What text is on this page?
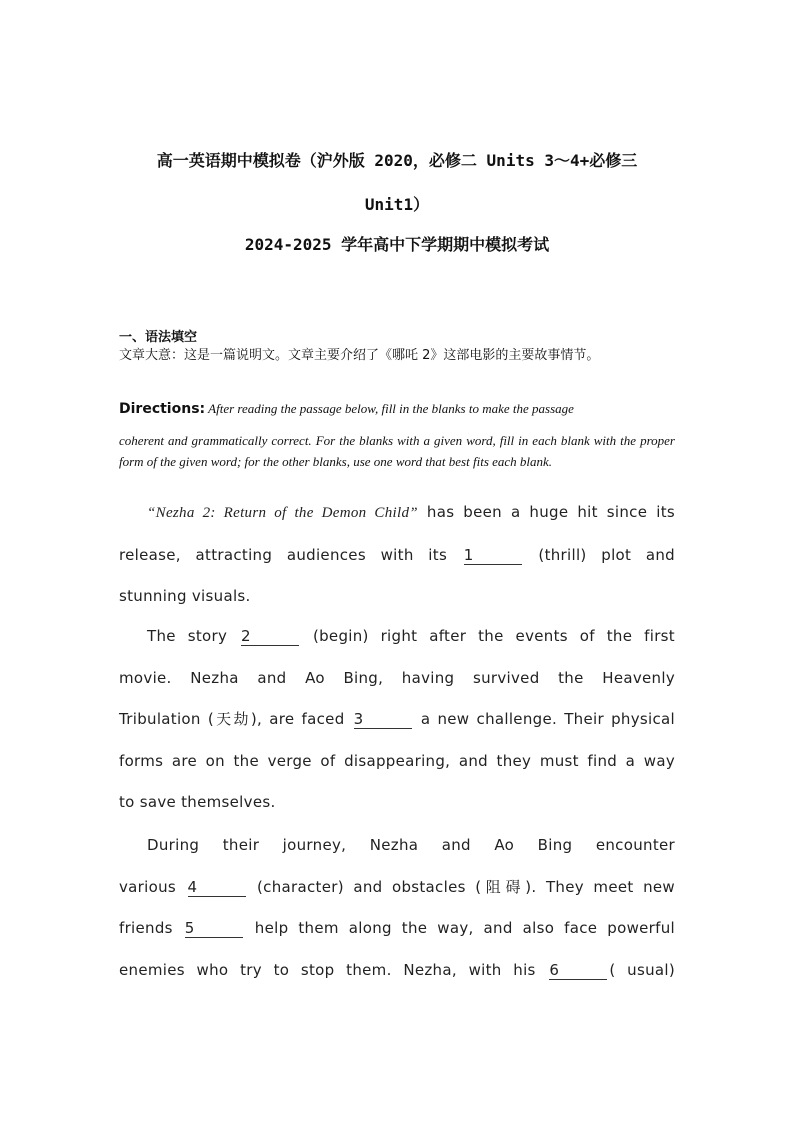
高一英语期中模拟卷（沪外版 2020，必修二 Units 3～4+必修三
Unit1）
2024-2025 学年高中下学期期中模拟考试
一、语法填空
文章大意：这是一篇说明文。文章主要介绍了《哪吒 2》这部电影的主要故事情节。
Directions: After reading the passage below, fill in the blanks to make the passage
coherent and grammatically correct. For the blanks with a given word, fill in each blank with the proper form of the given word; for the other blanks, use one word that best fits each blank.
“Nezha 2: Return of the Demon Child” has been a huge hit since its
release, attracting audiences with its 1	(thrill) plot and
stunning visuals.
The story 2	(begin) right after the events of the first
movie. Nezha and Ao Bing, having survived the Heavenly
Tribulation (天劫), are faced 3	a new challenge. Their physical
forms are on the verge of disappearing, and they must find a way
to save themselves.
During their journey, Nezha and Ao Bing encounter
various 4	(character) and obstacles (阻碍). They meet new
friends 5	help them along the way, and also face powerful
enemies who try to stop them. Nezha, with his 6	( usual)
